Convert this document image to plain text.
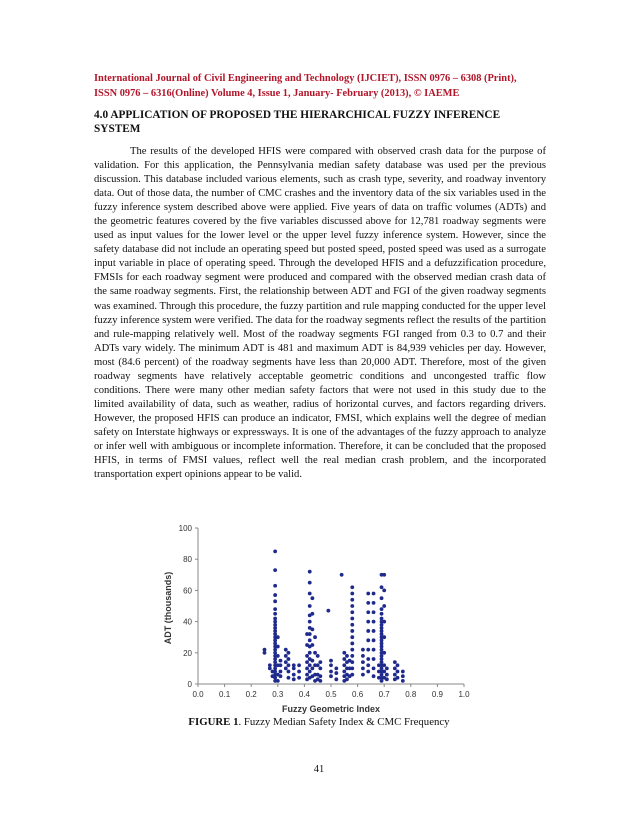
International Journal of Civil Engineering and Technology (IJCIET), ISSN 0976 – 6308 (Print),
ISSN 0976 – 6316(Online) Volume 4, Issue 1, January- February (2013), © IAEME
4.0 APPLICATION OF PROPOSED THE HIERARCHICAL FUZZY INFERENCE SYSTEM
The results of the developed HFIS were compared with observed crash data for the purpose of validation. For this application, the Pennsylvania median safety database was used per the previous discussion. This database included various elements, such as crash type, severity, and roadway inventory data. Out of those data, the number of CMC crashes and the inventory data of the six variables used in the fuzzy inference system described above were applied. Five years of data on traffic volumes (ADTs) and the geometric features covered by the five variables discussed above for 12,781 roadway segments were used as input values for the lower level or the upper level fuzzy inference system. However, since the safety database did not include an operating speed but posted speed, posted speed was used as a surrogate input variable in place of operating speed. Through the developed HFIS and a defuzzification procedure, FMSIs for each roadway segment were produced and compared with the observed median crash data of the same roadway segments. First, the relationship between ADT and FGI of the given roadway segments was examined. Through this procedure, the fuzzy partition and rule mapping conducted for the upper level fuzzy inference system were verified. The data for the roadway segments reflect the results of the partition and rule-mapping relatively well. Most of the roadway segments FGI ranged from 0.3 to 0.7 and their ADTs vary widely. The minimum ADT is 481 and maximum ADT is 84,939 vehicles per day. However, most (84.6 percent) of the roadway segments have less than 20,000 ADT. Therefore, most of the given roadway segments have relatively acceptable geometric conditions and uncongested traffic flow conditions. There were many other median safety factors that were not used in this study due to the limited availability of data, such as weather, radius of horizontal curves, and factors regarding drivers. However, the proposed HFIS can produce an indicator, FMSI, which explains well the degree of median safety on Interstate highways or expressways. It is one of the advantages of the fuzzy approach to analyze or infer well with ambiguous or incomplete information. Therefore, it can be concluded that the proposed HFIS, in terms of FMSI values, reflect well the real median crash problem, and the incorporated transportation expert opinions appear to be valid.
0
20
40
60
80
100
0.0 0.1 0.2 0.3 0.4 0.5 0.6 0.7 0.8 0.9 1.0
ADT (thousands)
Fuzzy Geometric Index
FIGURE 1. Fuzzy Median Safety Index & CMC Frequency
41
